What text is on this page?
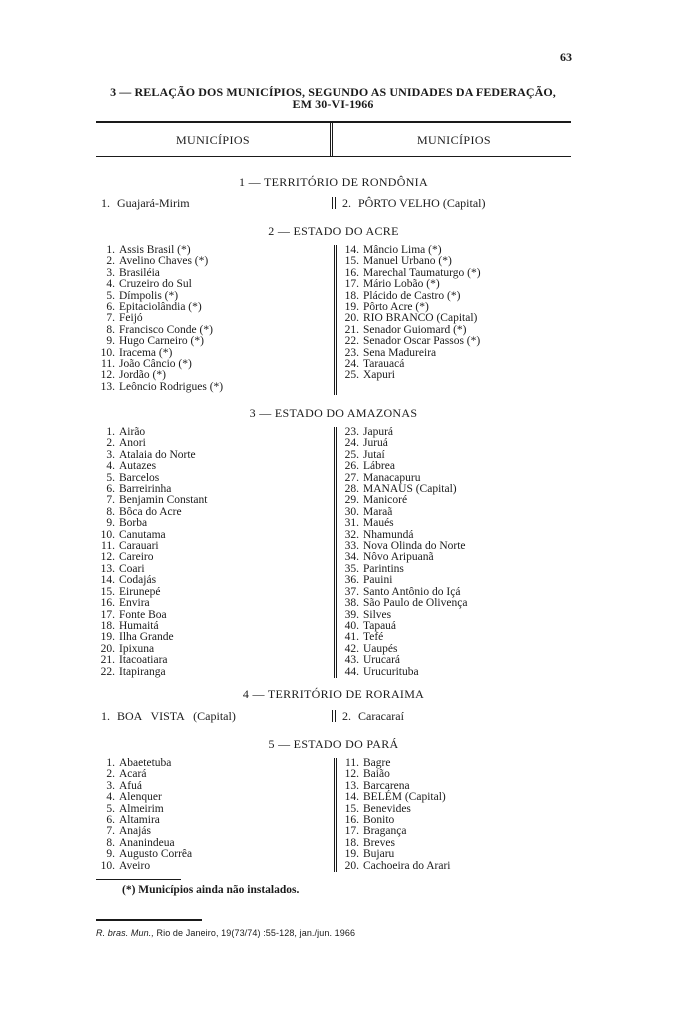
63
3 — RELAÇÃO DOS MUNICÍPIOS, SEGUNDO AS UNIDADES DA FEDERAÇÃO,
EM 30-VI-1966
MUNICÍPIOS	MUNICÍPIOS
1 — TERRITÓRIO DE RONDÔNIA
1. Guajará-Mirim	2. PÔRTO VELHO (Capital)
2 — ESTADO DO ACRE
1. Assis Brasil (*)
2. Avelino Chaves (*)
3. Brasiléia
4. Cruzeiro do Sul
5. Dímpolis (*)
6. Epitaciolândia (*)
7. Feijó
8. Francisco Conde (*)
9. Hugo Carneiro (*)
10. Iracema (*)
11. João Câncio (*)
12. Jordão (*)
13. Leôncio Rodrigues (*)
14. Mâncio Lima (*)
15. Manuel Urbano (*)
16. Marechal Taumaturgo (*)
17. Mário Lobão (*)
18. Plácido de Castro (*)
19. Pôrto Acre (*)
20. RIO BRANCO (Capital)
21. Senador Guiomard (*)
22. Senador Oscar Passos (*)
23. Sena Madureira
24. Tarauacá
25. Xapuri
3 — ESTADO DO AMAZONAS
1. Airão
2. Anori
3. Atalaia do Norte
4. Autazes
5. Barcelos
6. Barreirinha
7. Benjamin Constant
8. Bôca do Acre
9. Borba
10. Canutama
11. Carauari
12. Careiro
13. Coari
14. Codajás
15. Eirunepé
16. Envira
17. Fonte Boa
18. Humaitá
19. Ilha Grande
20. Ipixuna
21. Itacoatiara
22. Itapiranga
23. Japurá
24. Juruá
25. Jutaí
26. Lábrea
27. Manacapuru
28. MANAUS (Capital)
29. Manicoré
30. Maraã
31. Maués
32. Nhamundá
33. Nova Olinda do Norte
34. Nôvo Aripuanã
35. Parintins
36. Pauini
37. Santo Antônio do Içá
38. São Paulo de Olivença
39. Silves
40. Tapauá
41. Tefé
42. Uaupés
43. Urucará
44. Urucurituba
4 — TERRITÓRIO DE RORAIMA
1. BOA VISTA (Capital)	2. Caracaraí
5 — ESTADO DO PARÁ
1. Abaetetuba
2. Acará
3. Afuá
4. Alenquer
5. Almeirim
6. Altamira
7. Anajás
8. Ananindeua
9. Augusto Corrêa
10. Aveiro
11. Bagre
12. Baião
13. Barcarena
14. BELÉM (Capital)
15. Benevides
16. Bonito
17. Bragança
18. Breves
19. Bujaru
20. Cachoeira do Arari
(*) Municípios ainda não instalados.
R. bras. Mun., Rio de Janeiro, 19(73/74) :55-128, jan./jun. 1966
